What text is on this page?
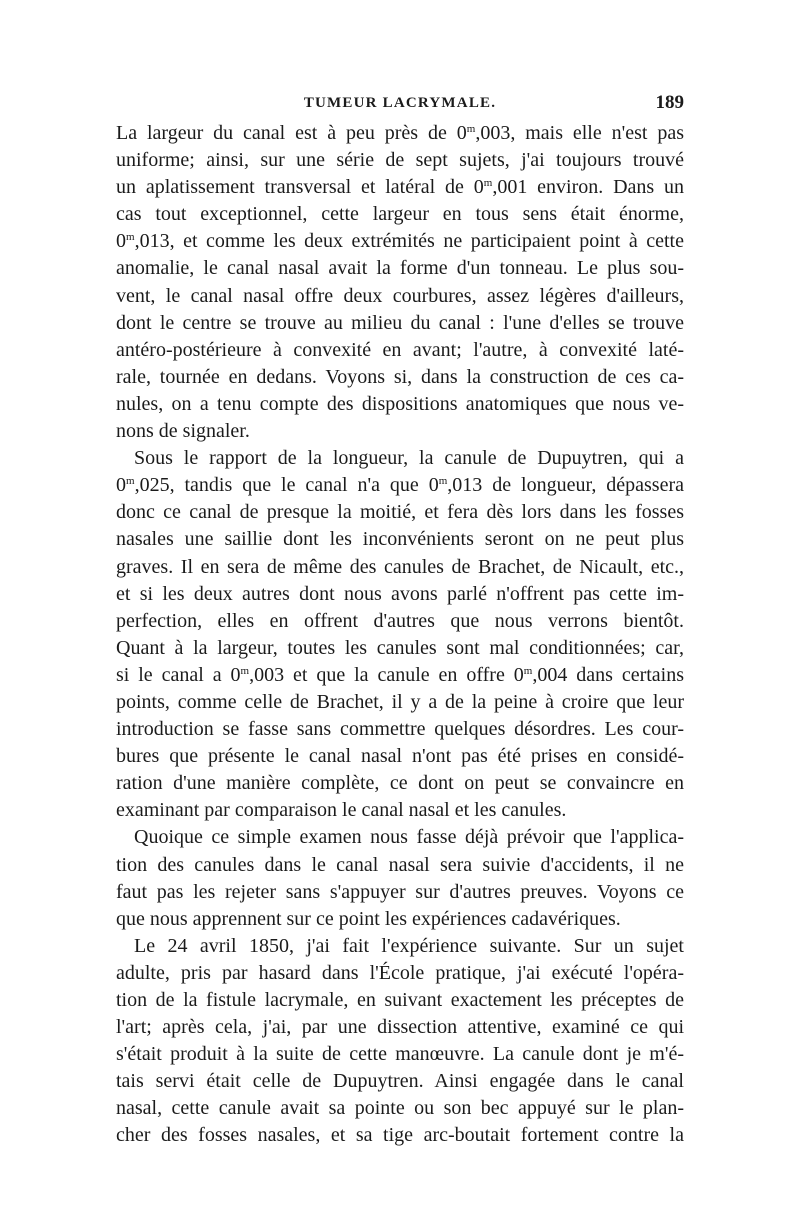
TUMEUR LACRYMALE.	189
La largeur du canal est à peu près de 0$^m$,003, mais elle n'est pas
uniforme; ainsi, sur une série de sept sujets, j'ai toujours trouvé
un aplatissement transversal et latéral de 0$^m$,001 environ. Dans un
cas tout exceptionnel, cette largeur en tous sens était énorme,
0$^m$,013, et comme les deux extrémités ne participaient point à cette
anomalie, le canal nasal avait la forme d'un tonneau. Le plus sou-
vent, le canal nasal offre deux courbures, assez légères d'ailleurs,
dont le centre se trouve au milieu du canal : l'une d'elles se trouve
antéro-postérieure à convexité en avant; l'autre, à convexité laté-
rale, tournée en dedans. Voyons si, dans la construction de ces ca-
nules, on a tenu compte des dispositions anatomiques que nous ve-
nons de signaler.
Sous le rapport de la longueur, la canule de Dupuytren, qui a
0$^m$,025, tandis que le canal n'a que 0$^m$,013 de longueur, dépassera
donc ce canal de presque la moitié, et fera dès lors dans les fosses
nasales une saillie dont les inconvénients seront on ne peut plus
graves. Il en sera de même des canules de Brachet, de Nicault, etc.,
et si les deux autres dont nous avons parlé n'offrent pas cette im-
perfection, elles en offrent d'autres que nous verrons bientôt.
Quant à la largeur, toutes les canules sont mal conditionnées; car,
si le canal a 0$^m$,003 et que la canule en offre 0$^m$,004 dans certains
points, comme celle de Brachet, il y a de la peine à croire que leur
introduction se fasse sans commettre quelques désordres. Les cour-
bures que présente le canal nasal n'ont pas été prises en considé-
ration d'une manière complète, ce dont on peut se convaincre en
examinant par comparaison le canal nasal et les canules.
Quoique ce simple examen nous fasse déjà prévoir que l'applica-
tion des canules dans le canal nasal sera suivie d'accidents, il ne
faut pas les rejeter sans s'appuyer sur d'autres preuves. Voyons ce
que nous apprennent sur ce point les expériences cadavériques.
Le 24 avril 1850, j'ai fait l'expérience suivante. Sur un sujet
adulte, pris par hasard dans l'École pratique, j'ai exécuté l'opéra-
tion de la fistule lacrymale, en suivant exactement les préceptes de
l'art; après cela, j'ai, par une dissection attentive, examiné ce qui
s'était produit à la suite de cette manœuvre. La canule dont je m'é-
tais servi était celle de Dupuytren. Ainsi engagée dans le canal
nasal, cette canule avait sa pointe ou son bec appuyé sur le plan-
cher des fosses nasales, et sa tige arc-boutait fortement contre la
